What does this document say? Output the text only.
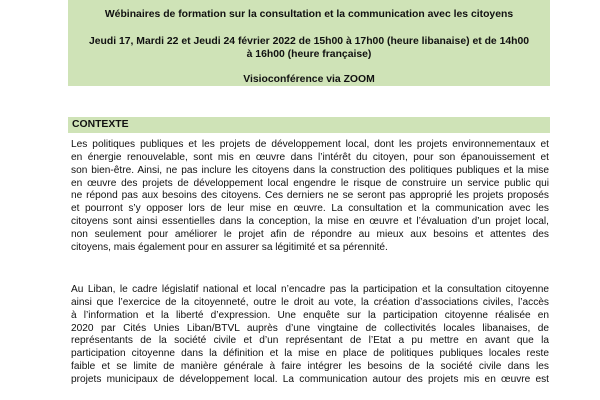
Wébinaires de formation sur la consultation et la communication avec les citoyens
Jeudi 17, Mardi 22 et Jeudi 24 février 2022 de 15h00 à 17h00 (heure libanaise) et de 14h00
à 16h00 (heure française)
Visioconférence via ZOOM
CONTEXTE
Les politiques publiques et les projets de développement local, dont les projets environnementaux et
en énergie renouvelable, sont mis en œuvre dans l’intérêt du citoyen, pour son épanouissement et
son bien-être. Ainsi, ne pas inclure les citoyens dans la construction des politiques publiques et la mise
en œuvre des projets de développement local engendre le risque de construire un service public qui
ne répond pas aux besoins des citoyens. Ces derniers ne se seront pas approprié les projets proposés
et pourront s’y opposer lors de leur mise en œuvre. La consultation et la communication avec les
citoyens sont ainsi essentielles dans la conception, la mise en œuvre et l’évaluation d’un projet local,
non seulement pour améliorer le projet afin de répondre au mieux aux besoins et attentes des
citoyens, mais également pour en assurer sa légitimité et sa pérennité.
Au Liban, le cadre législatif national et local n’encadre pas la participation et la consultation citoyenne
ainsi que l’exercice de la citoyenneté, outre le droit au vote, la création d’associations civiles, l’accès
à l’information et la liberté d’expression. Une enquête sur la participation citoyenne réalisée en
2020 par Cités Unies Liban/BTVL auprès d’une vingtaine de collectivités locales libanaises, de
représentants de la société civile et d’un représentant de l’Etat a pu mettre en avant que la
participation citoyenne dans la définition et la mise en place de politiques publiques locales reste
faible et se limite de manière générale à faire intégrer les besoins de la société civile dans les
projets municipaux de développement local. La communication autour des projets mis en œuvre est
